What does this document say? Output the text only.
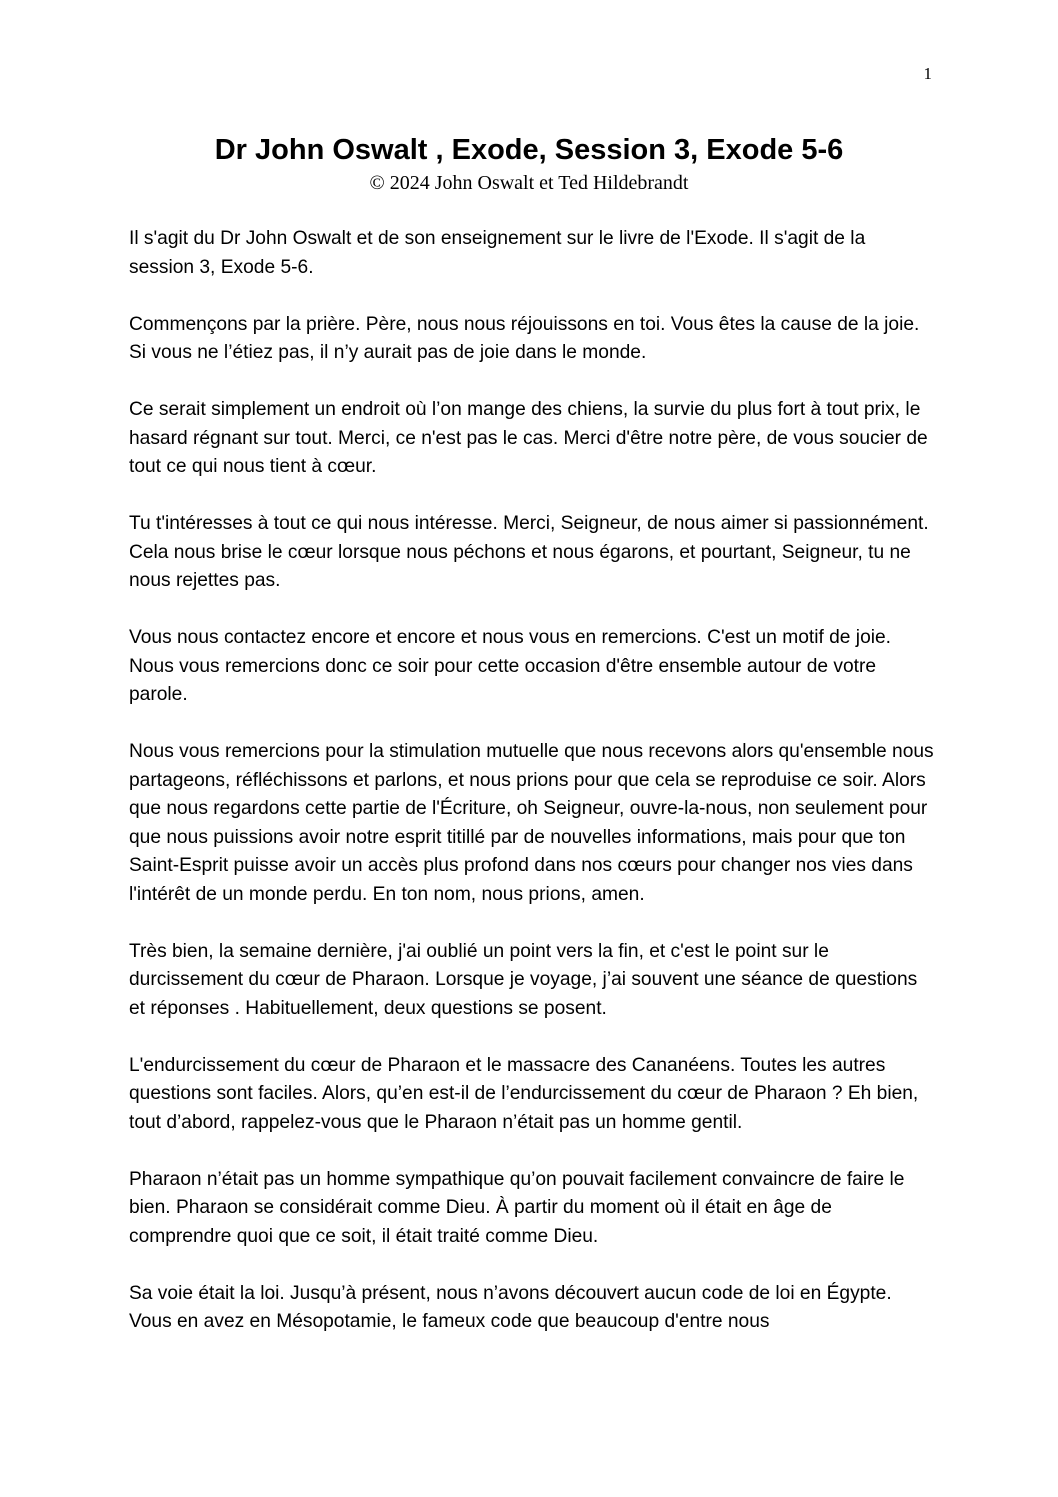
1
Dr John Oswalt , Exode, Session 3, Exode 5-6

© 2024 John Oswalt et Ted Hildebrandt

Il s'agit du Dr John Oswalt et de son enseignement sur le livre de l'Exode. Il s'agit de la session 3, Exode 5-6.

Commençons par la prière. Père, nous nous réjouissons en toi. Vous êtes la cause de la joie. Si vous ne l’étiez pas, il n’y aurait pas de joie dans le monde.

Ce serait simplement un endroit où l’on mange des chiens, la survie du plus fort à tout prix, le hasard régnant sur tout. Merci, ce n'est pas le cas. Merci d'être notre père, de vous soucier de tout ce qui nous tient à cœur.

Tu t'intéresses à tout ce qui nous intéresse. Merci, Seigneur, de nous aimer si passionnément. Cela nous brise le cœur lorsque nous péchons et nous égarons, et pourtant, Seigneur, tu ne nous rejettes pas.

Vous nous contactez encore et encore et nous vous en remercions. C'est un motif de joie. Nous vous remercions donc ce soir pour cette occasion d'être ensemble autour de votre parole.

Nous vous remercions pour la stimulation mutuelle que nous recevons alors qu'ensemble nous partageons, réfléchissons et parlons, et nous prions pour que cela se reproduise ce soir. Alors que nous regardons cette partie de l'Écriture, oh Seigneur, ouvre-la-nous, non seulement pour que nous puissions avoir notre esprit titillé par de nouvelles informations, mais pour que ton Saint-Esprit puisse avoir un accès plus profond dans nos cœurs pour changer nos vies dans l'intérêt de un monde perdu. En ton nom, nous prions, amen.

Très bien, la semaine dernière, j'ai oublié un point vers la fin, et c'est le point sur le durcissement du cœur de Pharaon. Lorsque je voyage, j’ai souvent une séance de questions et réponses . Habituellement, deux questions se posent.

L'endurcissement du cœur de Pharaon et le massacre des Cananéens. Toutes les autres questions sont faciles. Alors, qu’en est-il de l’endurcissement du cœur de Pharaon ? Eh bien, tout d’abord, rappelez-vous que le Pharaon n’était pas un homme gentil.

Pharaon n’était pas un homme sympathique qu’on pouvait facilement convaincre de faire le bien. Pharaon se considérait comme Dieu. À partir du moment où il était en âge de comprendre quoi que ce soit, il était traité comme Dieu.

Sa voie était la loi. Jusqu’à présent, nous n’avons découvert aucun code de loi en Égypte. Vous en avez en Mésopotamie, le fameux code que beaucoup d'entre nous
